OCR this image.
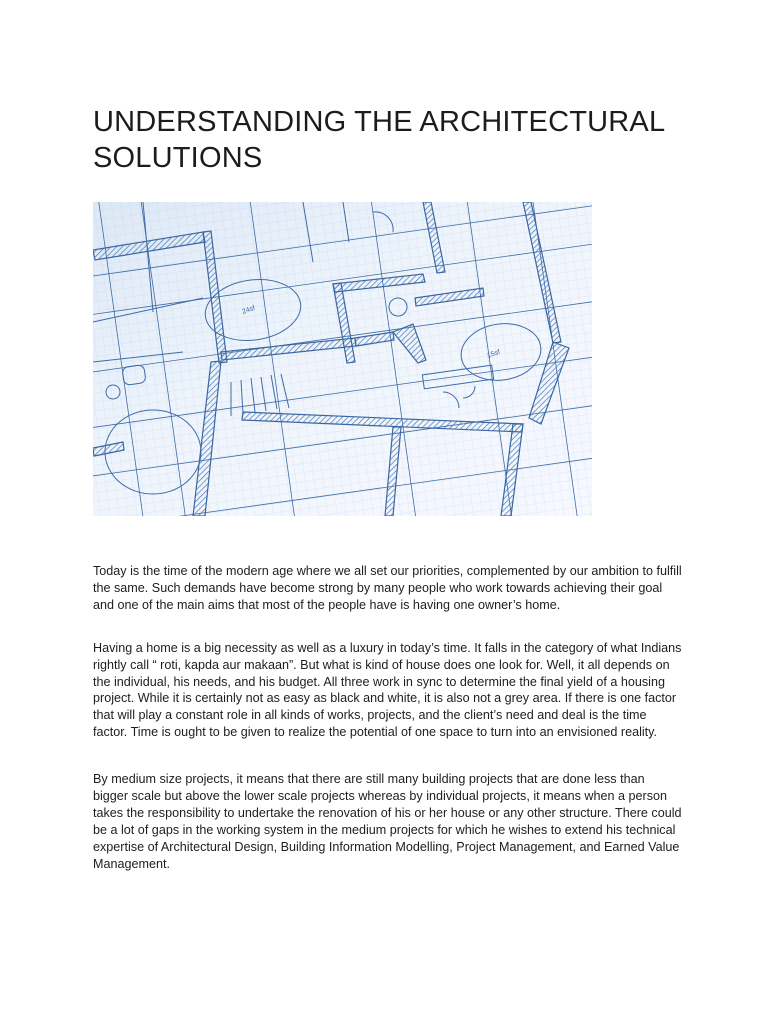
UNDERSTANDING THE ARCHITECTURAL SOLUTIONS
24sf
15sf

Today is the time of the modern age where we all set our priorities, complemented by our ambition to fulfill the same. Such demands have become strong by many people who work towards achieving their goal and one of the main aims that most of the people have is having one owner’s home.

Having a home is a big necessity as well as a luxury in today’s time. It falls in the category of what Indians rightly call “ roti, kapda aur makaan”. But what is kind of house does one look for. Well, it all depends on the individual, his needs, and his budget. All three work in sync to determine the final yield of a housing project. While it is certainly not as easy as black and white, it is also not a grey area. If there is one factor that will play a constant role in all kinds of works, projects, and the client’s need and deal is the time factor. Time is ought to be given to realize the potential of one space to turn into an envisioned reality.

By medium size projects, it means that there are still many building projects that are done less than bigger scale but above the lower scale projects whereas by individual projects, it means when a person takes the responsibility to undertake the renovation of his or her house or any other structure. There could be a lot of gaps in the working system in the medium projects for which he wishes to extend his technical expertise of Architectural Design, Building Information Modelling, Project Management, and Earned Value Management.
